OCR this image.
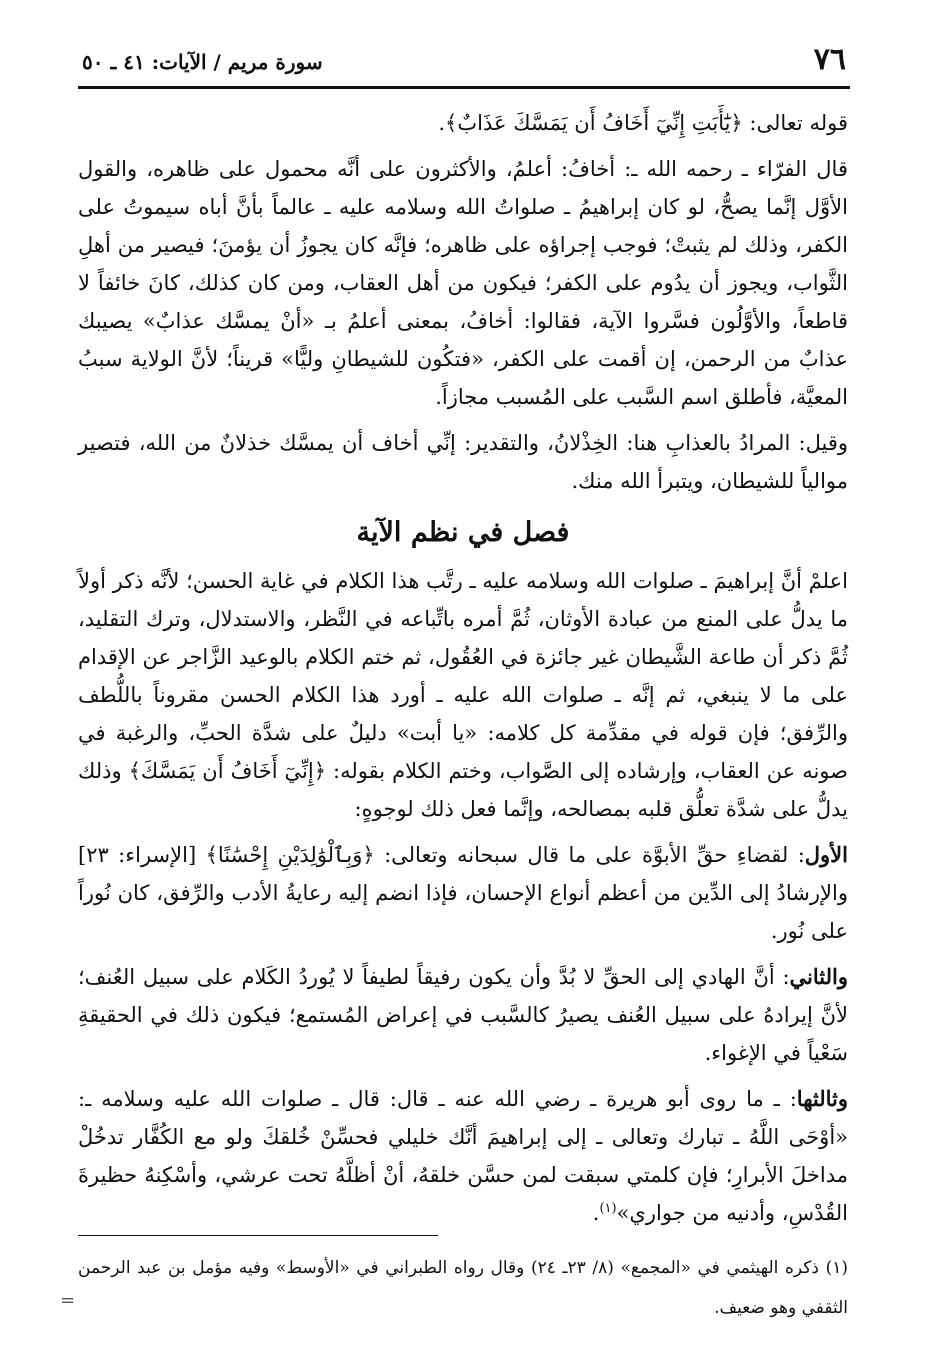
٧٦
سورة مريم / الآيات: ٤١ ـ ٥٠

قوله تعالى: ﴿يَٰٓأَبَتِ إِنِّيٓ أَخَافُ أَن يَمَسَّكَ عَذَابٌ﴾.

قال الفرّاء ـ رحمه الله ـ: أخافُ: أعلمُ، والأكثرون على أنَّه محمول على ظاهره، والقول الأوَّل إنَّما يصحُّ، لو كان إبراهيمُ ـ صلواتُ الله وسلامه عليه ـ عالماً بأنَّ أباه سيموتُ على الكفر، وذلك لم يثبتْ؛ فوجب إجراؤه على ظاهره؛ فإنَّه كان يجوزُ أن يؤمنَ؛ فيصير من أهلِ الثَّواب، ويجوز أن يدُوم على الكفر؛ فيكون من أهل العقاب، ومن كان كذلك، كانَ خائفاً لا قاطعاً، والأوَّلُون فسَّروا الآية، فقالوا: أخافُ، بمعنى أعلمُ بـ «أنْ يمسَّك عذابٌ» يصيبك عذابٌ من الرحمن، إن أقمت على الكفر، «فتكُون للشيطانِ وليًّا» قريناً؛ لأنَّ الولاية سببُ المعيَّة، فأطلق اسم السَّبب على المُسبب مجازاً.

وقيل: المرادُ بالعذابِ هنا: الخِذْلانُ، والتقدير: إنِّي أخاف أن يمسَّك خذلانٌ من الله، فتصير موالياً للشيطان، ويتبرأ الله منك.

فصل في نظم الآية

اعلمْ أنَّ إبراهيمَ ـ صلوات الله وسلامه عليه ـ رتَّب هذا الكلام في غاية الحسن؛ لأنَّه ذكر أولاً ما يدلُّ على المنع من عبادة الأوثان، ثُمَّ أمره باتِّباعه في النَّظر، والاستدلال، وترك التقليد، ثُمَّ ذكر أن طاعة الشَّيطان غير جائزة في العُقُول، ثم ختم الكلام بالوعيد الزَّاجر عن الإقدام على ما لا ينبغي، ثم إنَّه ـ صلوات الله عليه ـ أورد هذا الكلام الحسن مقروناً باللُّطف والرِّفق؛ فإن قوله في مقدِّمة كل كلامه: «يا أبت» دليلٌ على شدَّة الحبِّ، والرغبة في صونه عن العقاب، وإرشاده إلى الصَّواب، وختم الكلام بقوله: ﴿إِنِّيٓ أَخَافُ أَن يَمَسَّكَ﴾ وذلك يدلُّ على شدَّة تعلُّق قلبه بمصالحه، وإنَّما فعل ذلك لوجوهٍ:

الأول: لقضاءِ حقِّ الأبوَّة على ما قال سبحانه وتعالى: ﴿وَبِٱلْوَٰلِدَيْنِ إِحْسَٰنًا﴾ [الإسراء: ٢٣] والإرشادُ إلى الدِّين من أعظم أنواع الإحسان، فإذا انضم إليه رعايةُ الأدب والرِّفق، كان نُوراً على نُور.

والثاني: أنَّ الهادي إلى الحقِّ لا بُدَّ وأن يكون رفيقاً لطيفاً لا يُوردُ الكَلام على سبيل العُنف؛ لأنَّ إيرادهُ على سبيل العُنف يصيرُ كالسَّبب في إعراض المُستمع؛ فيكون ذلك في الحقيقةِ سَعْياً في الإغواء.

وثالثها: ـ ما روى أبو هريرة ـ رضي الله عنه ـ قال: قال ـ صلوات الله عليه وسلامه ـ: «أوْحَى اللَّهُ ـ تبارك وتعالى ـ إلى إبراهيمَ أنَّك خليلي فحسِّنْ خُلقكَ ولو مع الكُفَّار تدخُلْ مداخلَ الأبرارِ؛ فإن كلمتي سبقت لمن حسَّن خلقهُ، أنْ أظلَّهُ تحت عرشي، وأسْكِنهُ حظيرةَ القُدْسِ، وأدنيه من جواري»$^{(١)}$.

(١) ذكره الهيثمي في «المجمع» (٨/ ٢٣ـ ٢٤) وقال رواه الطبراني في «الأوسط» وفيه مؤمل بن عبد الرحمن الثقفي وهو ضعيف.
=
